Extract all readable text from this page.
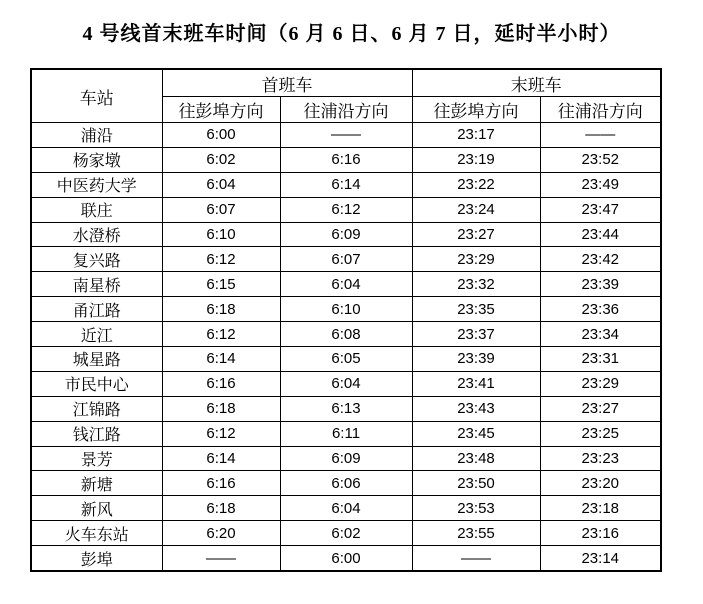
4 号线首末班车时间（6 月 6 日、6 月 7 日，延时半小时）
车站	首班车		末班车	
	往彭埠方向	往浦沿方向	往彭埠方向	往浦沿方向
浦沿	6:00	——	23:17	——
杨家墩	6:02	6:16	23:19	23:52
中医药大学	6:04	6:14	23:22	23:49
联庄	6:07	6:12	23:24	23:47
水澄桥	6:10	6:09	23:27	23:44
复兴路	6:12	6:07	23:29	23:42
南星桥	6:15	6:04	23:32	23:39
甬江路	6:18	6:10	23:35	23:36
近江	6:12	6:08	23:37	23:34
城星路	6:14	6:05	23:39	23:31
市民中心	6:16	6:04	23:41	23:29
江锦路	6:18	6:13	23:43	23:27
钱江路	6:12	6:11	23:45	23:25
景芳	6:14	6:09	23:48	23:23
新塘	6:16	6:06	23:50	23:20
新风	6:18	6:04	23:53	23:18
火车东站	6:20	6:02	23:55	23:16
彭埠	——	6:00	——	23:14
